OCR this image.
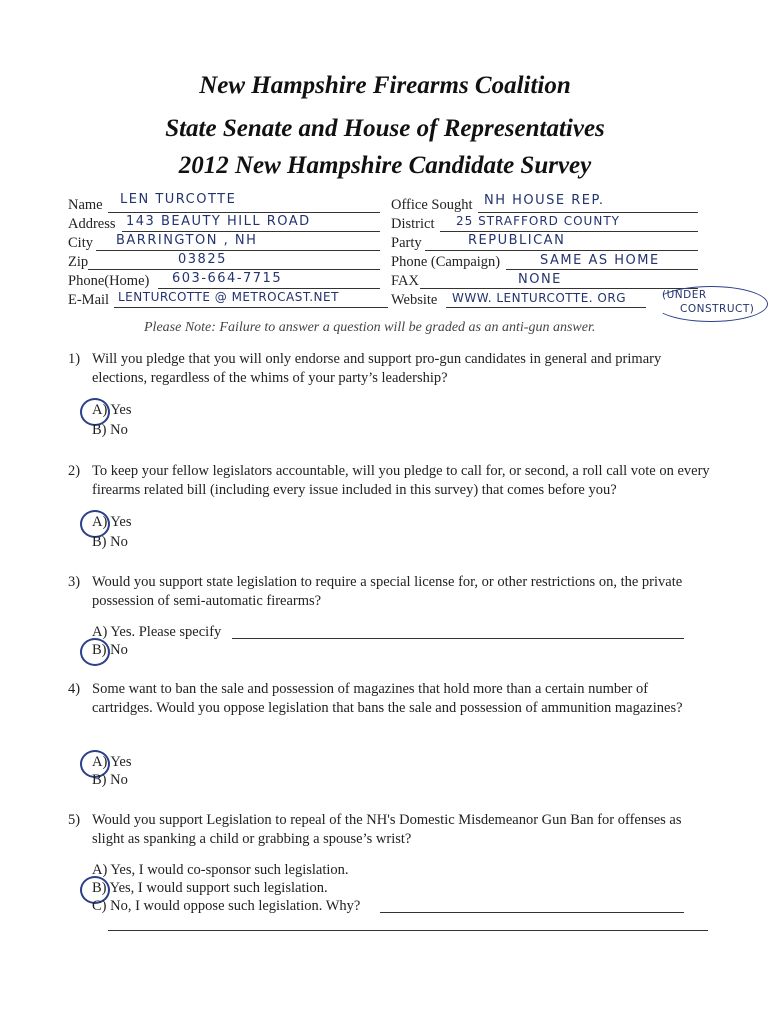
New Hampshire Firearms Coalition
State Senate and House of Representatives
2012 New Hampshire Candidate Survey
Name LEN TURCOTTE
Address 143 BEAUTY HILL ROAD
City BARRINGTON , NH
Zip	03825
Phone(Home) 603-664-7715
E-Mail LENTURCOTTE @ METROCAST.NET
Office Sought NH HOUSE REP.
District 25 STRAFFORD COUNTY
Party	REPUBLICAN
Phone (Campaign)	SAME AS HOME
FAX	NONE
Website WWW. LENTURCOTTE. ORG	(UNDER
CONSTRUCT)
Please Note: Failure to answer a question will be graded as an anti-gun answer.
1) Will you pledge that you will only endorse and support pro-gun candidates in general and primary elections, regardless of the whims of your party’s leadership?
A) Yes
B) No
2) To keep your fellow legislators accountable, will you pledge to call for, or second, a roll call vote on every firearms related bill (including every issue included in this survey) that comes before you?
A) Yes
B) No
3) Would you support state legislation to require a special license for, or other restrictions on, the private possession of semi-automatic firearms?
A) Yes. Please specify
B) No
4) Some want to ban the sale and possession of magazines that hold more than a certain number of cartridges. Would you oppose legislation that bans the sale and possession of ammunition magazines?
A) Yes
B) No
5) Would you support Legislation to repeal of the NH's Domestic Misdemeanor Gun Ban for offenses as slight as spanking a child or grabbing a spouse’s wrist?
A) Yes, I would co-sponsor such legislation.
B) Yes, I would support such legislation.
C) No, I would oppose such legislation. Why?
